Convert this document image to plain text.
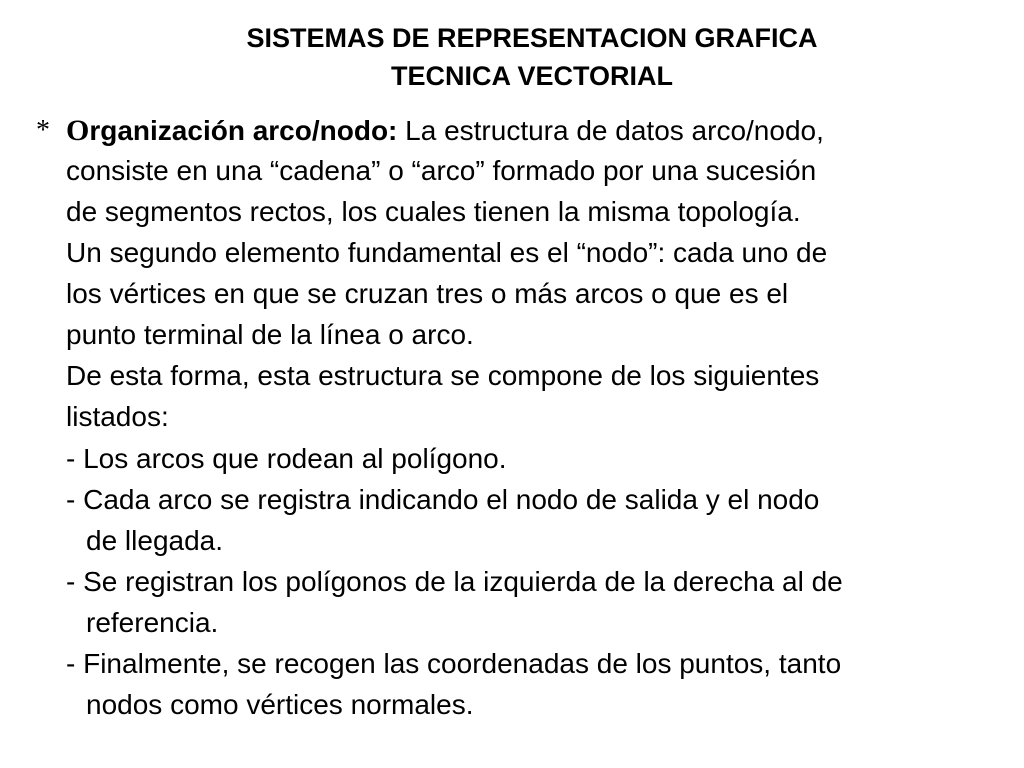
SISTEMAS DE REPRESENTACION GRAFICA
TECNICA VECTORIAL
* Organización arco/nodo: La estructura de datos arco/nodo,
consiste en una “cadena” o “arco” formado por una sucesión
de segmentos rectos, los cuales tienen la misma topología.
Un segundo elemento fundamental es el “nodo”: cada uno de
los vértices en que se cruzan tres o más arcos o que es el
punto terminal de la línea o arco.
De esta forma, esta estructura se compone de los siguientes
listados:
- Los arcos que rodean al polígono.
- Cada arco se registra indicando el nodo de salida y el nodo
de llegada.
- Se registran los polígonos de la izquierda de la derecha al de
referencia.
- Finalmente, se recogen las coordenadas de los puntos, tanto
nodos como vértices normales.
